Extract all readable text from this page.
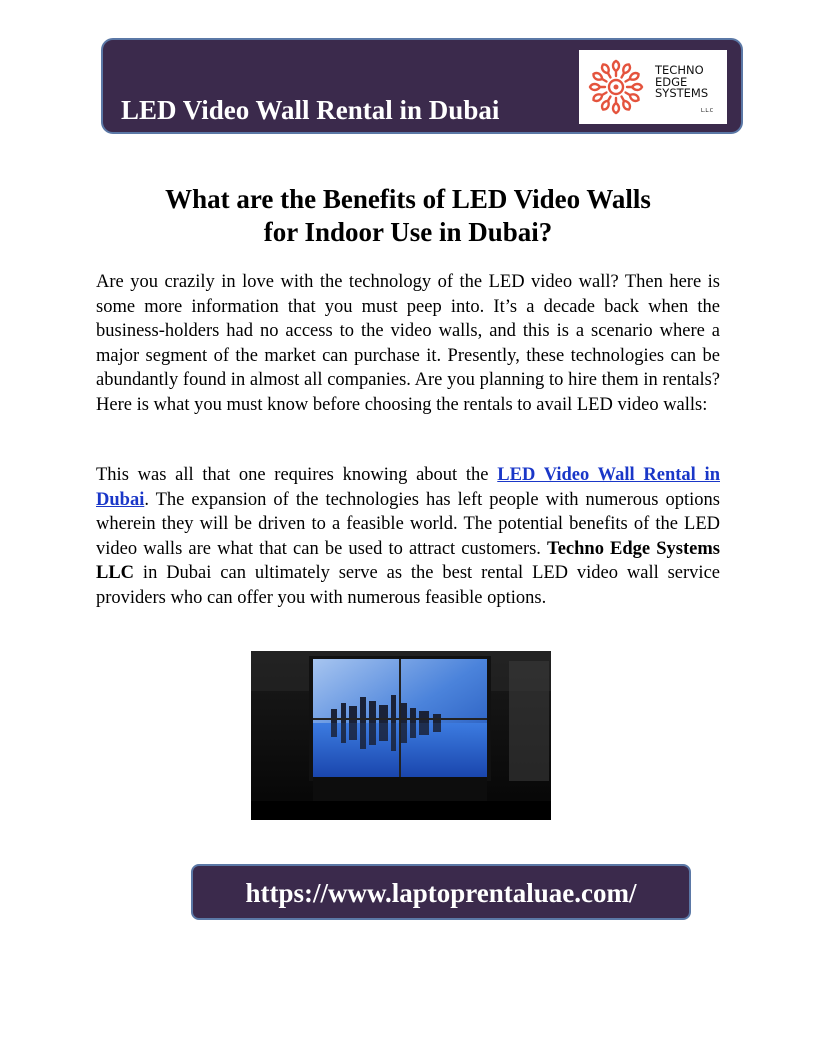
LED Video Wall Rental in Dubai
TECHNO
EDGE
SYSTEMS
L.L.C
What are the Benefits of LED Video Walls
for Indoor Use in Dubai?

Are you crazily in love with the technology of the LED video wall? Then here is some more information that you must peep into. It’s a decade back when the business-holders had no access to the video walls, and this is a scenario where a major segment of the market can purchase it. Presently, these technologies can be abundantly found in almost all companies. Are you planning to hire them in rentals? Here is what you must know before choosing the rentals to avail LED video walls:

This was all that one requires knowing about the LED Video Wall Rental in Dubai. The expansion of the technologies has left people with numerous options wherein they will be driven to a feasible world. The potential benefits of the LED video walls are what that can be used to attract customers. Techno Edge Systems LLC in Dubai can ultimately serve as the best rental LED video wall service providers who can offer you with numerous feasible options.

https://www.laptoprentaluae.com/
